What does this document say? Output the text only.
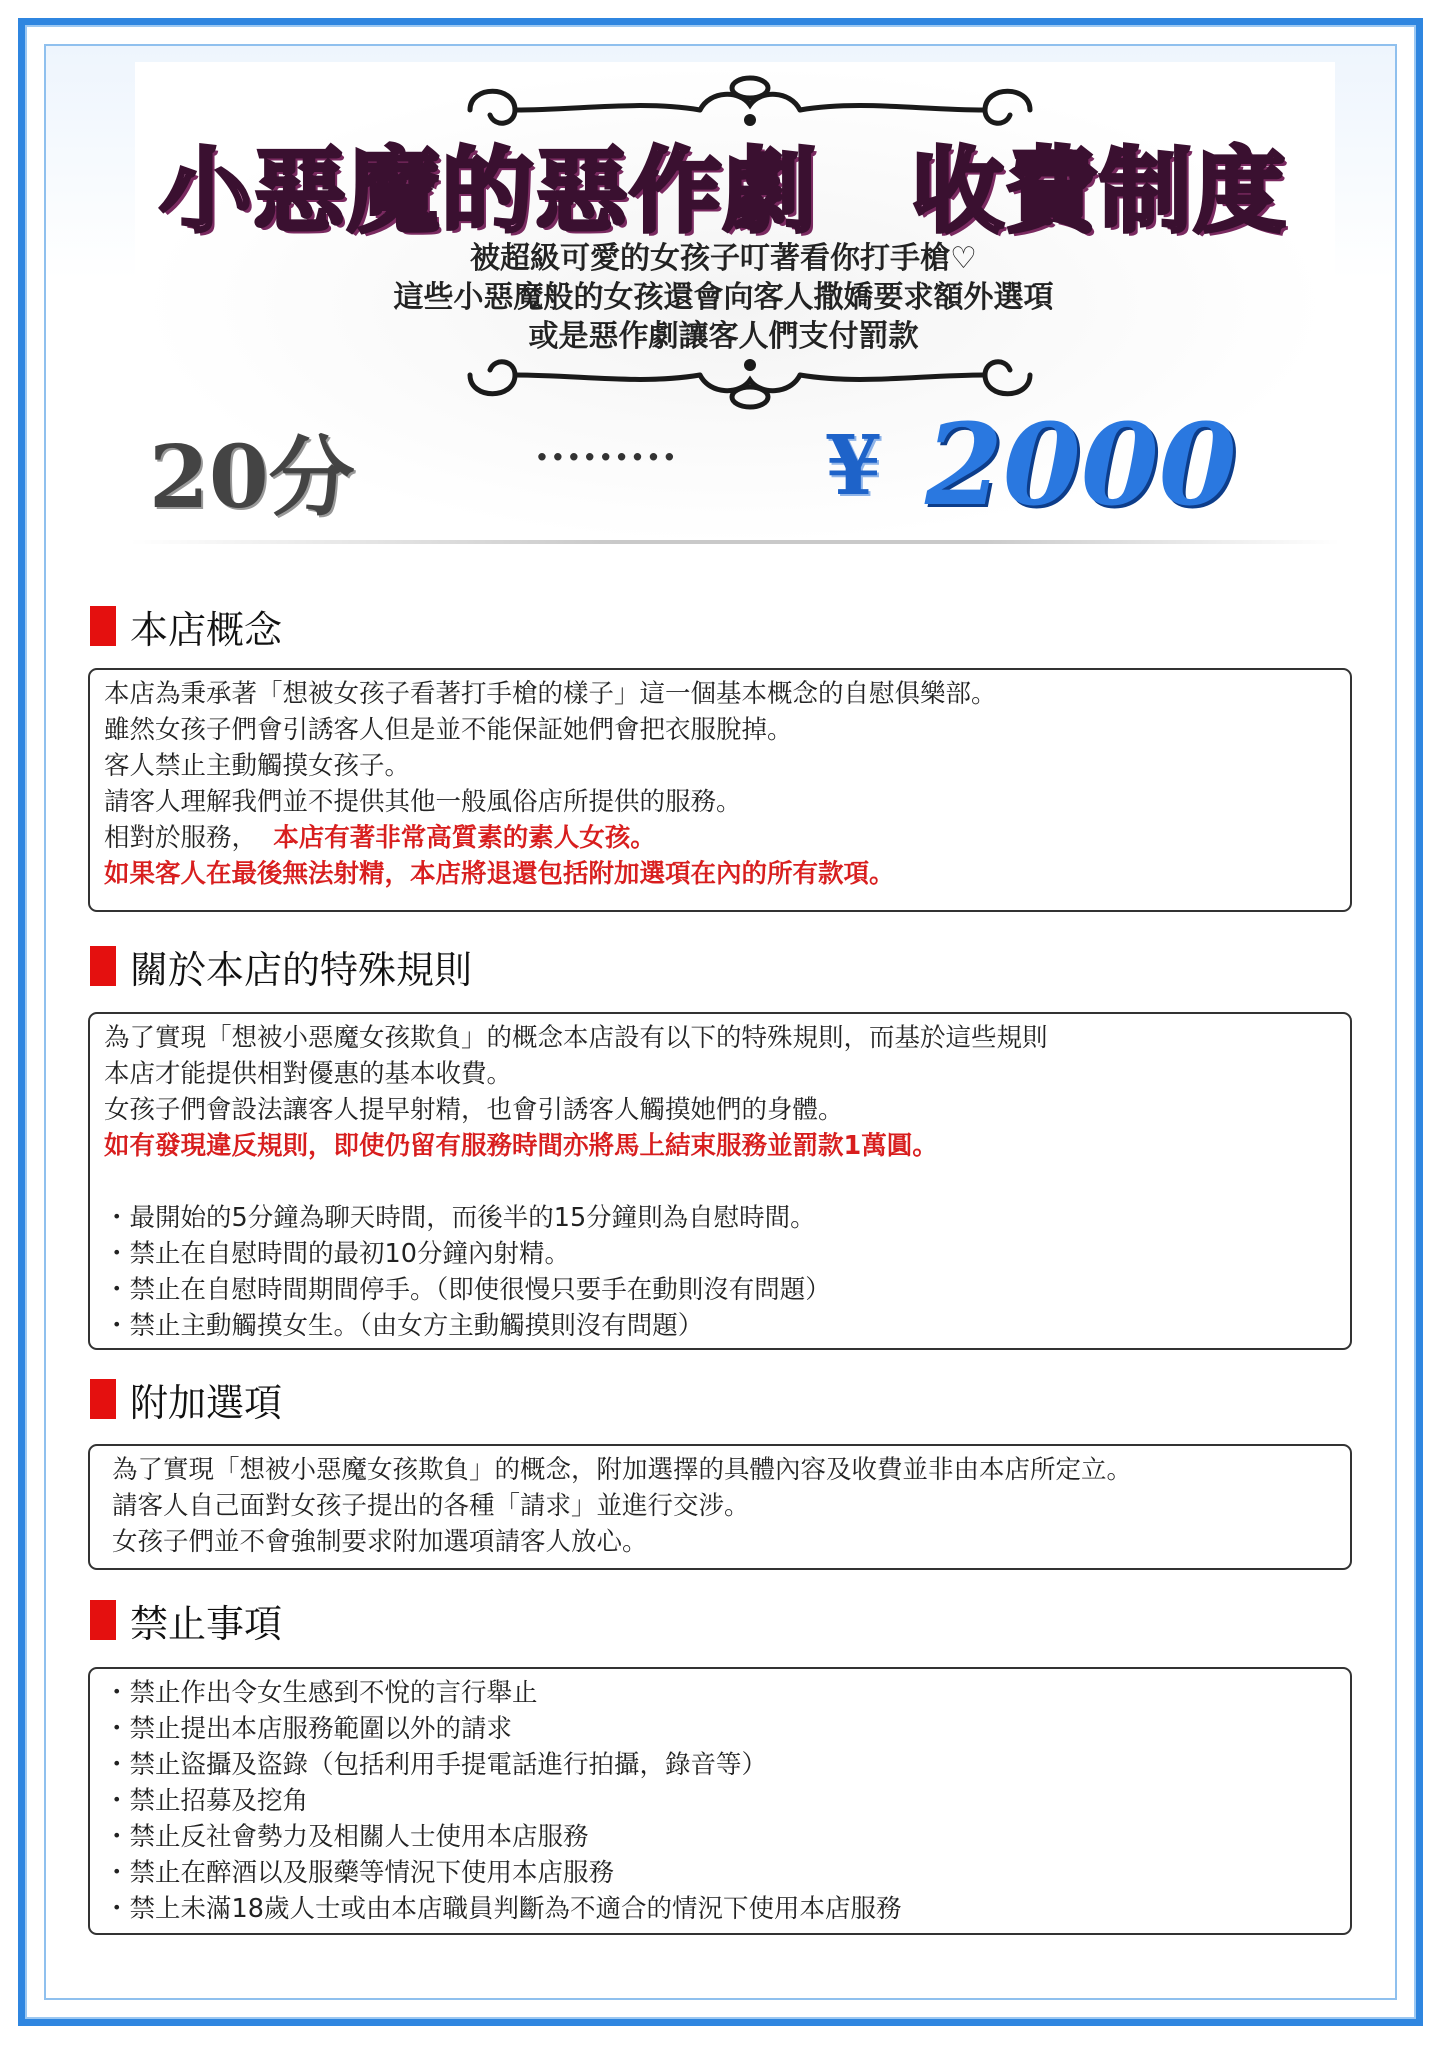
小惡魔的惡作劇　收費制度
被超級可愛的女孩子叮著看你打手槍♡
這些小惡魔般的女孩還會向客人撒嬌要求額外選項
或是惡作劇讓客人們支付罰款
20分	········· ¥ 2000
本店概念
本店為秉承著「想被女孩子看著打手槍的樣子」這一個基本概念的自慰俱樂部。
雖然女孩子們會引誘客人但是並不能保証她們會把衣服脫掉。
客人禁止主動觸摸女孩子。
請客人理解我們並不提供其他一般風俗店所提供的服務。
相對於服務， 本店有著非常高質素的素人女孩。
如果客人在最後無法射精，本店將退還包括附加選項在內的所有款項。
關於本店的特殊規則
為了實現「想被小惡魔女孩欺負」的概念本店設有以下的特殊規則，而基於這些規則
本店才能提供相對優惠的基本收費。
女孩子們會設法讓客人提早射精，也會引誘客人觸摸她們的身體。
如有發現違反規則，即使仍留有服務時間亦將馬上結束服務並罰款1萬圓。
・最開始的5分鐘為聊天時間，而後半的15分鐘則為自慰時間。
・禁止在自慰時間的最初10分鐘內射精。
・禁止在自慰時間期間停手。（即使很慢只要手在動則沒有問題）
・禁止主動觸摸女生。（由女方主動觸摸則沒有問題）
附加選項
為了實現「想被小惡魔女孩欺負」的概念，附加選擇的具體內容及收費並非由本店所定立。
請客人自己面對女孩子提出的各種「請求」並進行交涉。
女孩子們並不會強制要求附加選項請客人放心。
禁止事項
・禁止作出令女生感到不悅的言行舉止
・禁止提出本店服務範圍以外的請求
・禁止盜攝及盜錄（包括利用手提電話進行拍攝，錄音等）
・禁止招募及挖角
・禁止反社會勢力及相關人士使用本店服務
・禁止在醉酒以及服藥等情況下使用本店服務
・禁上未滿18歲人士或由本店職員判斷為不適合的情況下使用本店服務
